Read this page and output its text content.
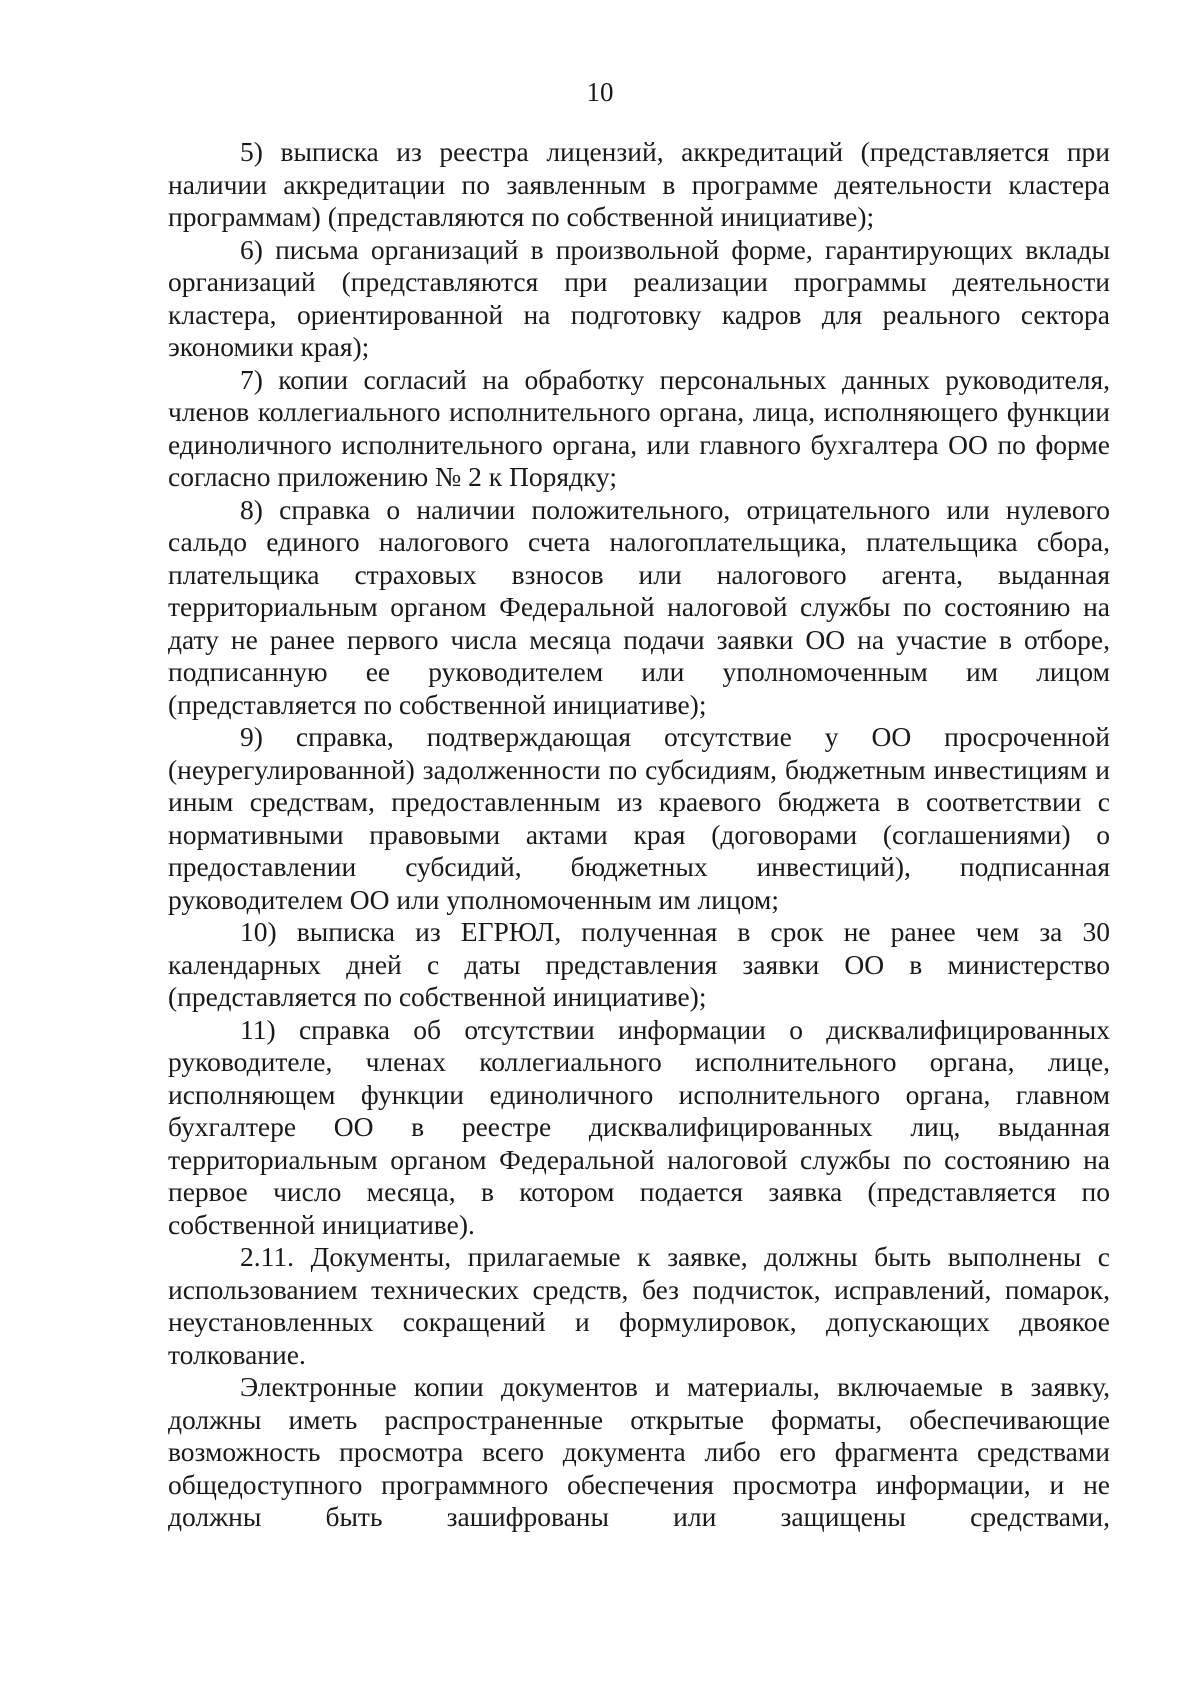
10

5) выписка из реестра лицензий, аккредитаций (представляется при наличии аккредитации по заявленным в программе деятельности кластера программам) (представляются по собственной инициативе);

6) письма организаций в произвольной форме, гарантирующих вклады организаций (представляются при реализации программы деятельности кластера, ориентированной на подготовку кадров для реального сектора экономики края);

7) копии согласий на обработку персональных данных руководителя, членов коллегиального исполнительного органа, лица, исполняющего функции единоличного исполнительного органа, или главного бухгалтера ОО по форме согласно приложению № 2 к Порядку;

8) справка о наличии положительного, отрицательного или нулевого сальдо единого налогового счета налогоплательщика, плательщика сбора, плательщика страховых взносов или налогового агента, выданная территориальным органом Федеральной налоговой службы по состоянию на дату не ранее первого числа месяца подачи заявки ОО на участие в отборе, подписанную ее руководителем или уполномоченным им лицом (представляется по собственной инициативе);

9) справка, подтверждающая отсутствие у ОО просроченной (неурегулированной) задолженности по субсидиям, бюджетным инвестициям и иным средствам, предоставленным из краевого бюджета в соответствии с нормативными правовыми актами края (договорами (соглашениями) о предоставлении субсидий, бюджетных инвестиций), подписанная руководителем ОО или уполномоченным им лицом;

10) выписка из ЕГРЮЛ, полученная в срок не ранее чем за 30 календарных дней с даты представления заявки ОО в министерство (представляется по собственной инициативе);

11) справка об отсутствии информации о дисквалифицированных руководителе, членах коллегиального исполнительного органа, лице, исполняющем функции единоличного исполнительного органа, главном бухгалтере ОО в реестре дисквалифицированных лиц, выданная территориальным органом Федеральной налоговой службы по состоянию на первое число месяца, в котором подается заявка (представляется по собственной инициативе).

2.11. Документы, прилагаемые к заявке, должны быть выполнены с использованием технических средств, без подчисток, исправлений, помарок, неустановленных сокращений и формулировок, допускающих двоякое толкование.

Электронные копии документов и материалы, включаемые в заявку, должны иметь распространенные открытые форматы, обеспечивающие возможность просмотра всего документа либо его фрагмента средствами общедоступного программного обеспечения просмотра информации, и не должны быть зашифрованы или защищены средствами,
